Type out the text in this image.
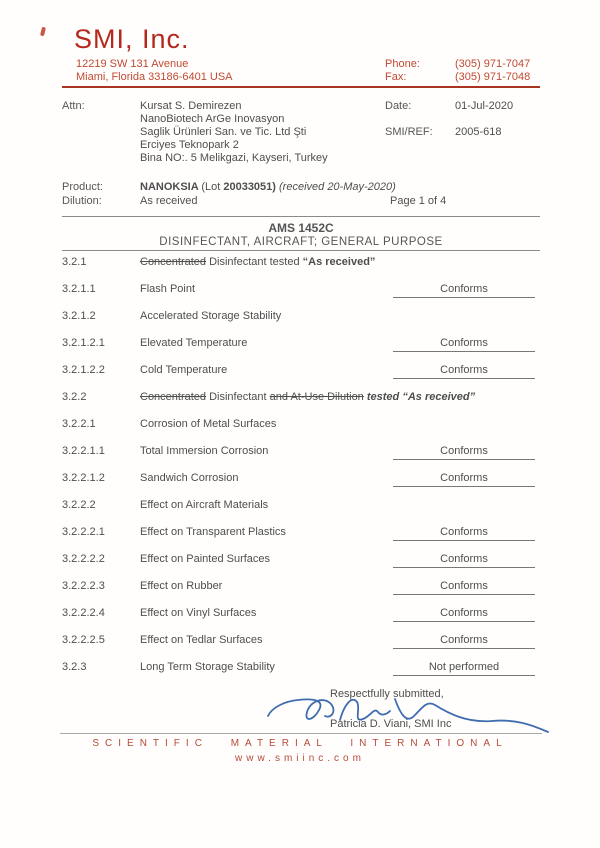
SMI, Inc.
12219 SW 131 Avenue
Miami, Florida 33186-6401 USA
Phone:	(305) 971-7047
Fax:	(305) 971-7048
Attn:	Kursat S. Demirezen
NanoBiotech ArGe Inovasyon
Saglik Ürünleri San. ve Tic. Ltd Şti
Erciyes Teknopark 2
Bina NO:. 5 Melikgazi, Kayseri, Turkey
Date:	01-Jul-2020
SMI/REF: 2005-618
Product:	NANOKSIA (Lot 20033051) (received 20-May-2020)
Dilution:	As received	Page 1 of 4
AMS 1452C
DISINFECTANT, AIRCRAFT; GENERAL PURPOSE
3.2.1	Concentrated Disinfectant tested “As received”
3.2.1.1	Flash Point	Conforms
3.2.1.2	Accelerated Storage Stability
3.2.1.2.1	Elevated Temperature	Conforms
3.2.1.2.2	Cold Temperature	Conforms
3.2.2	Concentrated Disinfectant and At-Use Dilution tested “As received”
3.2.2.1	Corrosion of Metal Surfaces
3.2.2.1.1	Total Immersion Corrosion	Conforms
3.2.2.1.2	Sandwich Corrosion	Conforms
3.2.2.2	Effect on Aircraft Materials
3.2.2.2.1	Effect on Transparent Plastics	Conforms
3.2.2.2.2	Effect on Painted Surfaces	Conforms
3.2.2.2.3	Effect on Rubber	Conforms
3.2.2.2.4	Effect on Vinyl Surfaces	Conforms
3.2.2.2.5	Effect on Tedlar Surfaces	Conforms
3.2.3	Long Term Storage Stability	Not performed
Respectfully submitted,
Patricia D. Viani, SMI Inc
SCIENTIFIC MATERIAL INTERNATIONAL
www.smiinc.com
